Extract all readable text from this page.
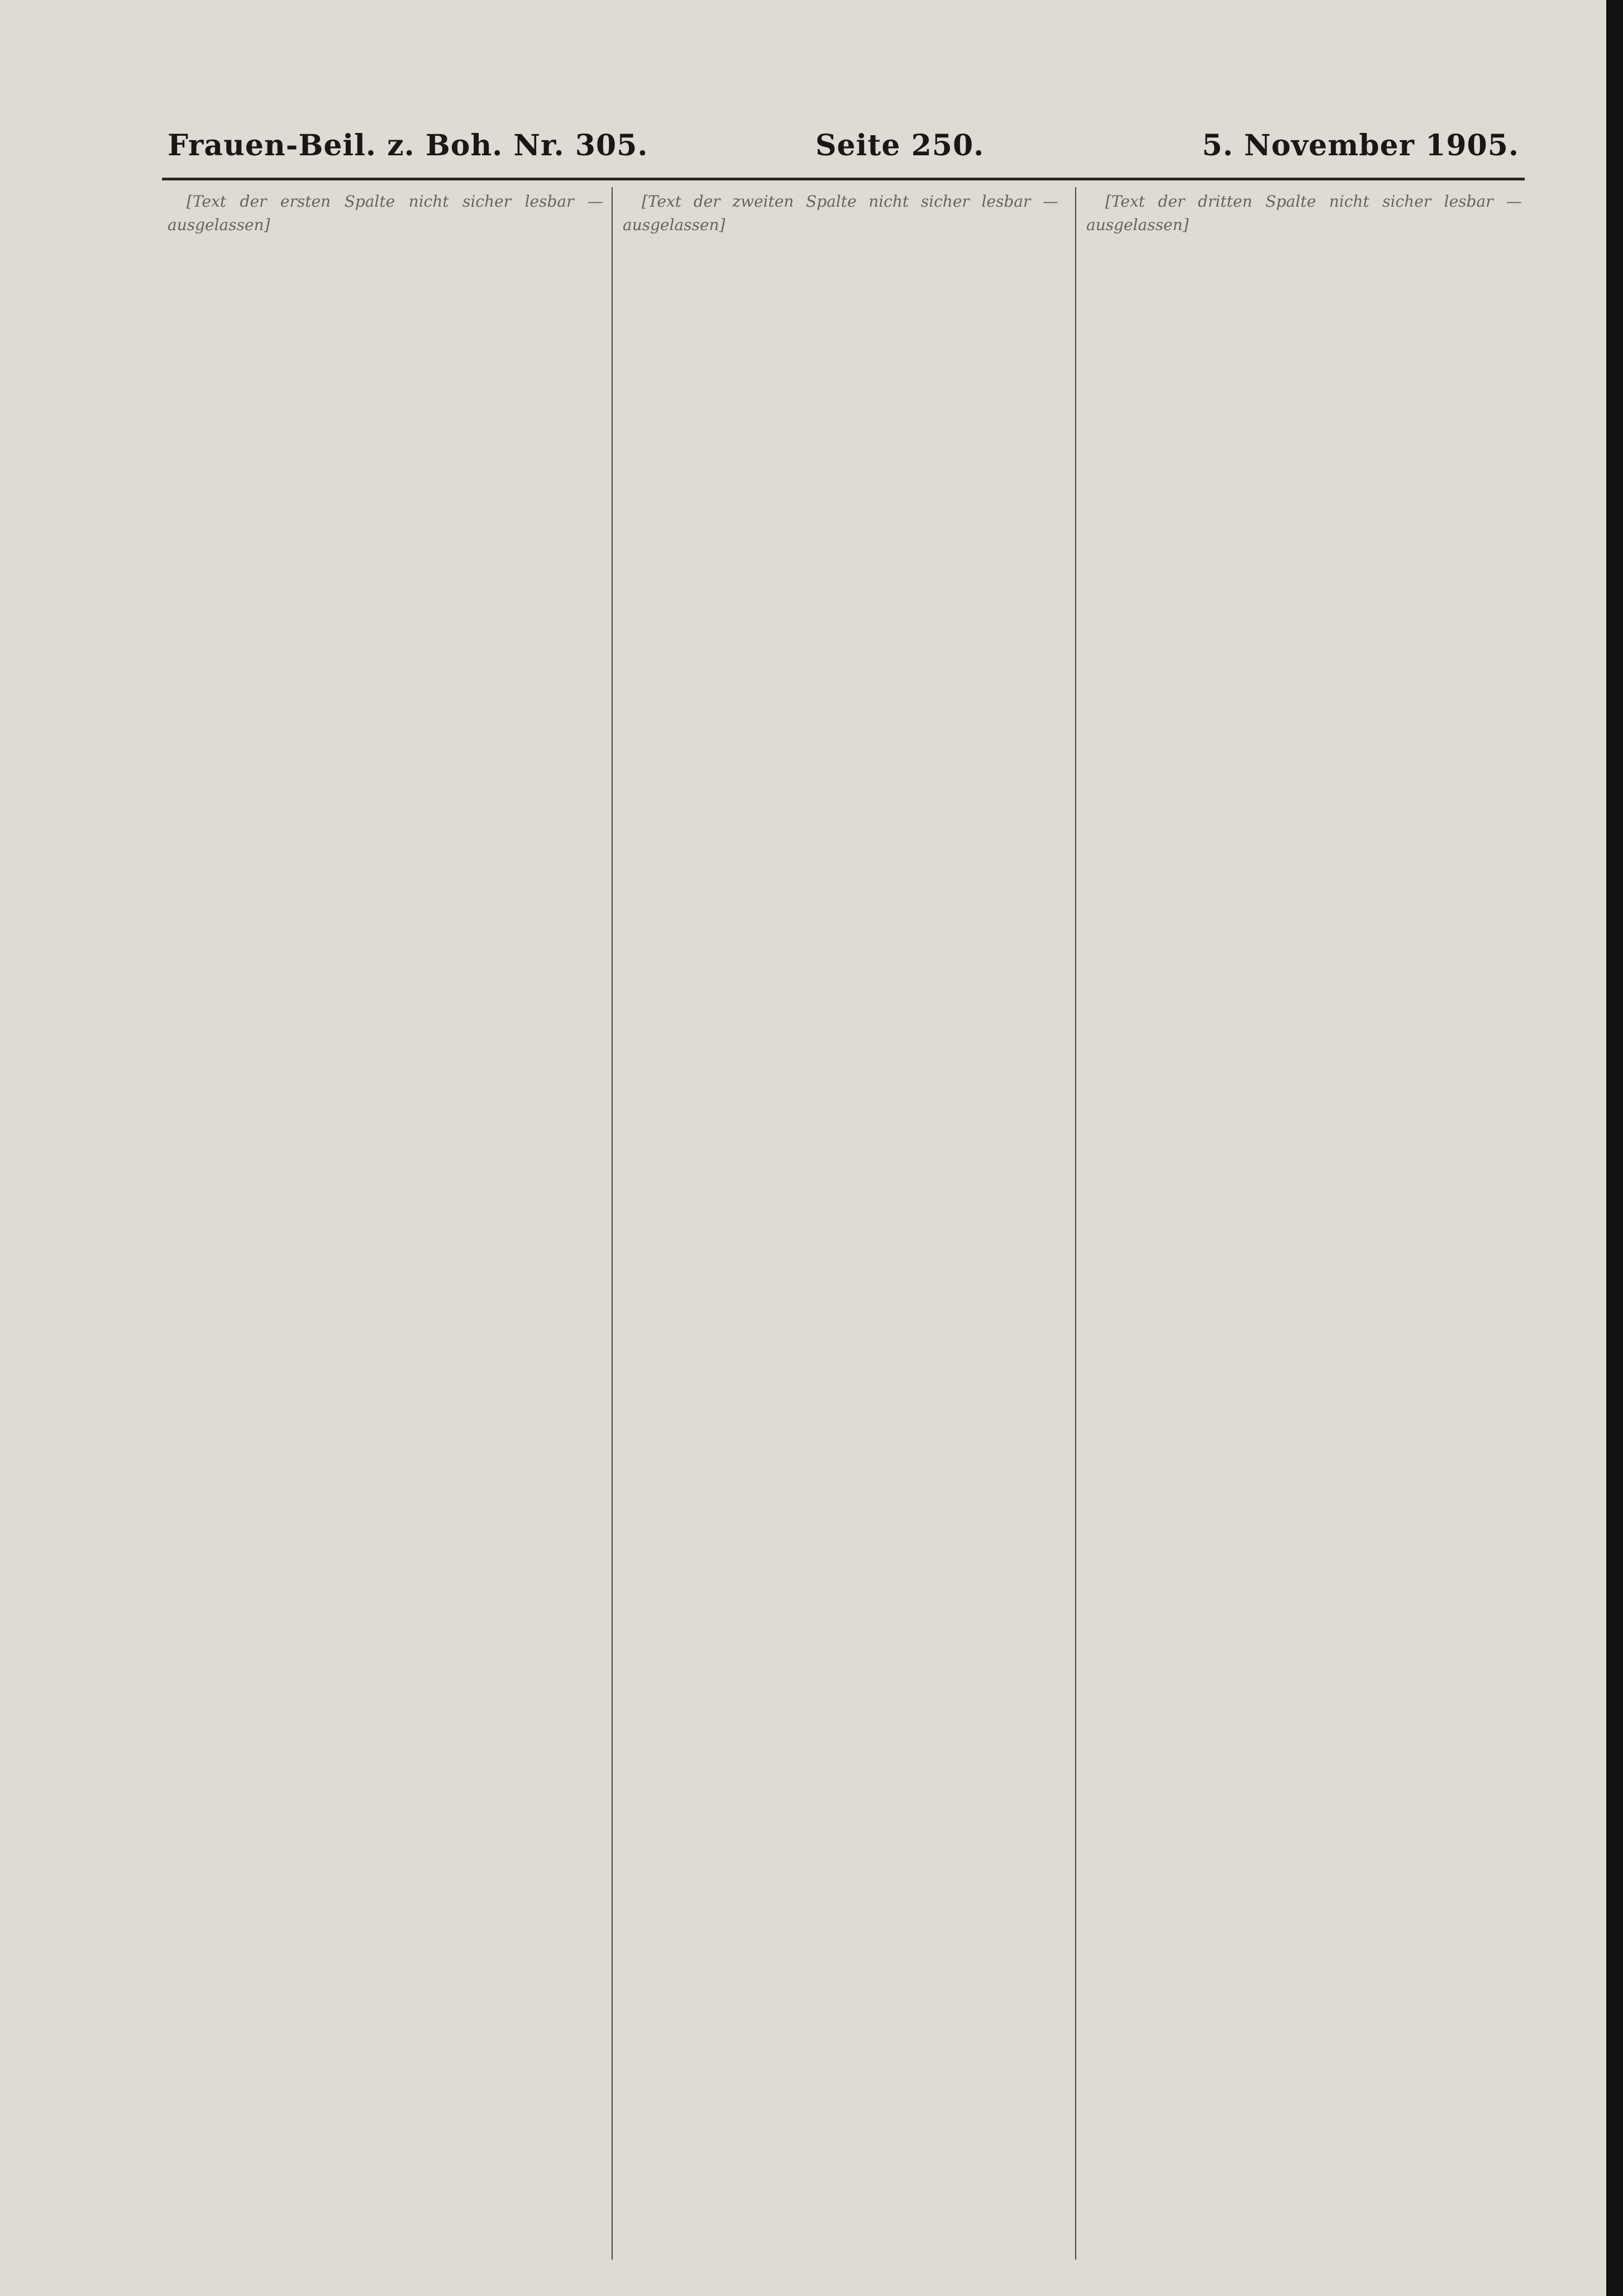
Frauen-Beil. z. Boh. Nr. 305.	Seite 250.	5. November 1905.

[Text der ersten Spalte nicht sicher lesbar — ausgelassen]

[Text der zweiten Spalte nicht sicher lesbar — ausgelassen]

[Text der dritten Spalte nicht sicher lesbar — ausgelassen]
